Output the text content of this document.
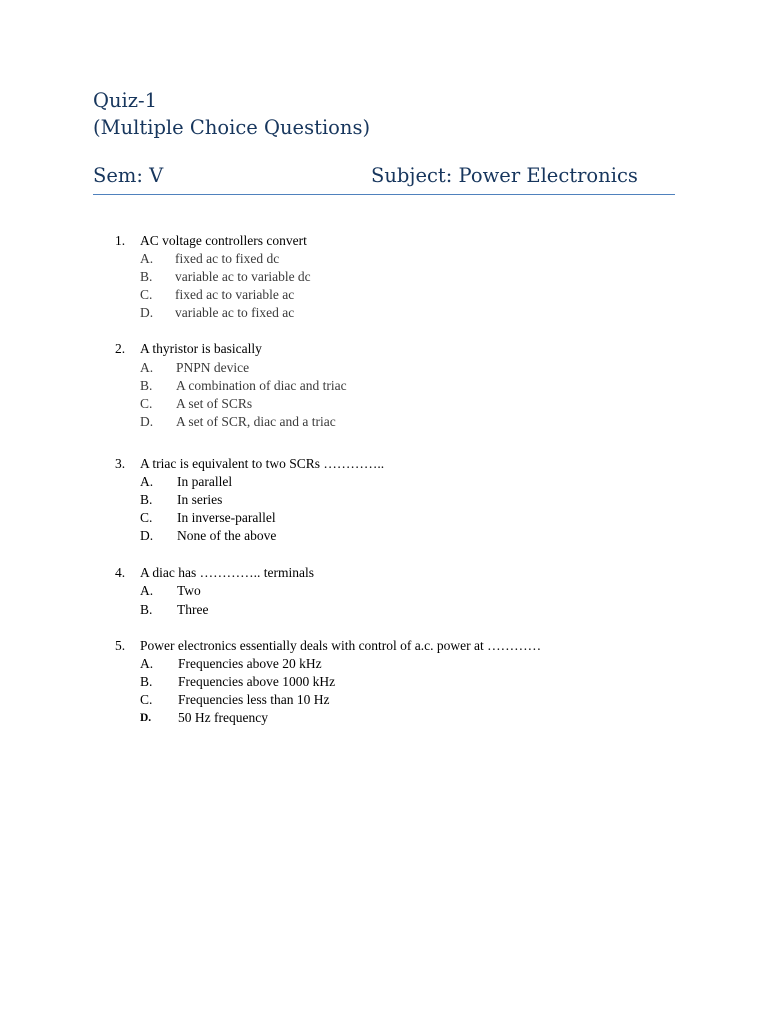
Quiz-1
(Multiple Choice Questions)
Sem: V	Subject: Power Electronics
1. AC voltage controllers convert
A. fixed ac to fixed dc
B. variable ac to variable dc
C. fixed ac to variable ac
D. variable ac to fixed ac
2. A thyristor is basically
A. PNPN device
B. A combination of diac and triac
C. A set of SCRs
D. A set of SCR, diac and a triac
3. A triac is equivalent to two SCRs …………..
A. In parallel
B. In series
C. In inverse-parallel
D. None of the above
4. A diac has ………….. terminals
A. Two
B. Three
5. Power electronics essentially deals with control of a.c. power at …………
A. Frequencies above 20 kHz
B. Frequencies above 1000 kHz
C. Frequencies less than 10 Hz
D. 50 Hz frequency
